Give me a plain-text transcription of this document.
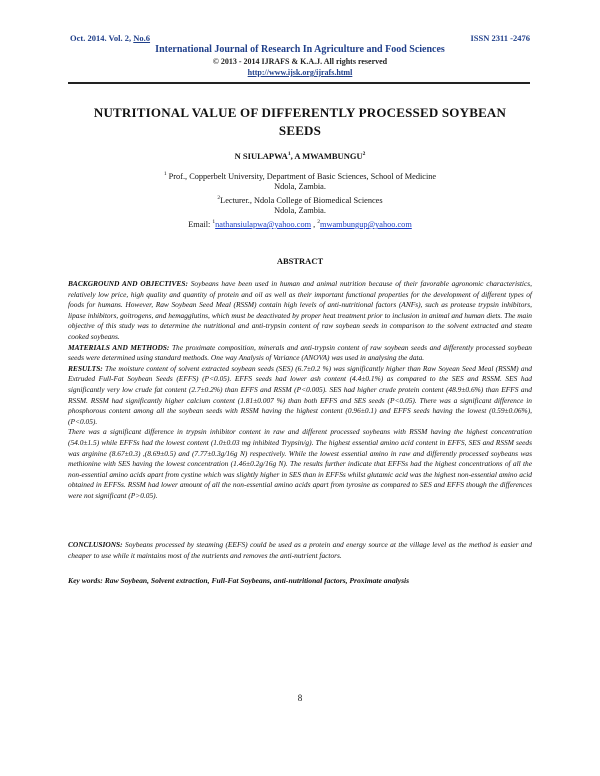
Oct. 2014. Vol. 2, No.6	ISSN 2311 -2476
International Journal of Research In Agriculture and Food Sciences
© 2013 - 2014 IJRAFS & K.A.J. All rights reserved
http://www.ijsk.org/ijrafs.html
NUTRITIONAL VALUE OF DIFFERENTLY PROCESSED SOYBEAN SEEDS
N SIULAPWA$^1$, A MWAMBUNGU$^2$
$^1$ Prof., Copperbelt University, Department of Basic Sciences, School of Medicine
Ndola, Zambia.
$^2$Lecturer., Ndola College of Biomedical Sciences
Ndola, Zambia.
Email: $^1$nathansiulapwa@yahoo.com , $^2$mwambungup@yahoo.com
ABSTRACT
BACKGROUND AND OBJECTIVES: Soybeans have been used in human and animal nutrition because of their favorable agronomic characteristics, relatively low price, high quality and quantity of protein and oil as well as their important functional properties for the development of different types of foods for humans. However, Raw Soybean Seed Meal (RSSM) contain high levels of anti-nutritional factors (ANFs), such as protease trypsin inhibitors, lipase inhibitors, goitrogens, and hemagglutins, which must be deactivated by proper heat treatment prior to inclusion in animal and human diets. The main objective of this study was to determine the nutritional and anti-trypsin content of raw soybean seeds in comparison to the solvent extracted and steam cooked soybeans.
MATERIALS AND METHODS: The proximate composition, minerals and anti-trypsin content of raw soybean seeds and differently processed soybean seeds were determined using standard methods. One way Analysis of Variance (ANOVA) was used in analysing the data.
RESULTS: The moisture content of solvent extracted soybean seeds (SES) (6.7±0.2 %) was significantly higher than Raw Soyean Seed Meal (RSSM) and Extruded Full-Fat Soybean Seeds (EFFS) (P<0.05). EFFS seeds had lower ash content (4.4±0.1%) as compared to the SES and RSSM. SES had significantly very low crude fat content (2.7±0.2%) than EFFS and RSSM (P<0.005). SES had higher crude protein content (48.9±0.6%) than EFFS and RSSM. RSSM had significantly higher calcium content (1.81±0.007 %) than both EFFS and SES seeds (P<0.05). There was a significant difference in phosphorous content among all the soybean seeds with RSSM having the highest content (0.96±0.1) and EFFS seeds having the lowest (0.59±0.06%), (P<0.05).
There was a significant difference in trypsin inhibitor content in raw and different processed soybeans with RSSM having the highest concentration (54.0±1.5) while EFFSs had the lowest content (1.0±0.03 mg inhibited Trypsin/g). The highest essential amino acid content in EFFS, SES and RSSM seeds was arginine (8.67±0.3) ,(8.69±0.5) and (7.77±0.3g/16g N) respectively. While the lowest essential amino in raw and differently processed soybeans was methionine with SES having the lowest concentration (1.46±0.2g/16g N). The results further indicate that EFFSs had the highest concentrations of all the non-essential amino acids apart from cystine which was slightly higher in SES than in EFFSs whilst glutamic acid was the highest non-essential amino acid obtained in EFFSs. RSSM had lower amount of all the non-essential amino acids apart from tyrosine as compared to SES and EFFS though the differences were not significant (P>0.05).
CONCLUSIONS: Soybeans processed by steaming (EEFS) could be used as a protein and energy source at the village level as the method is easier and cheaper to use while it maintains most of the nutrients and removes the anti-nutrient factors.
Key words: Raw Soybean, Solvent extraction, Full-Fat Soybeans, anti-nutritional factors, Proximate analysis
8
